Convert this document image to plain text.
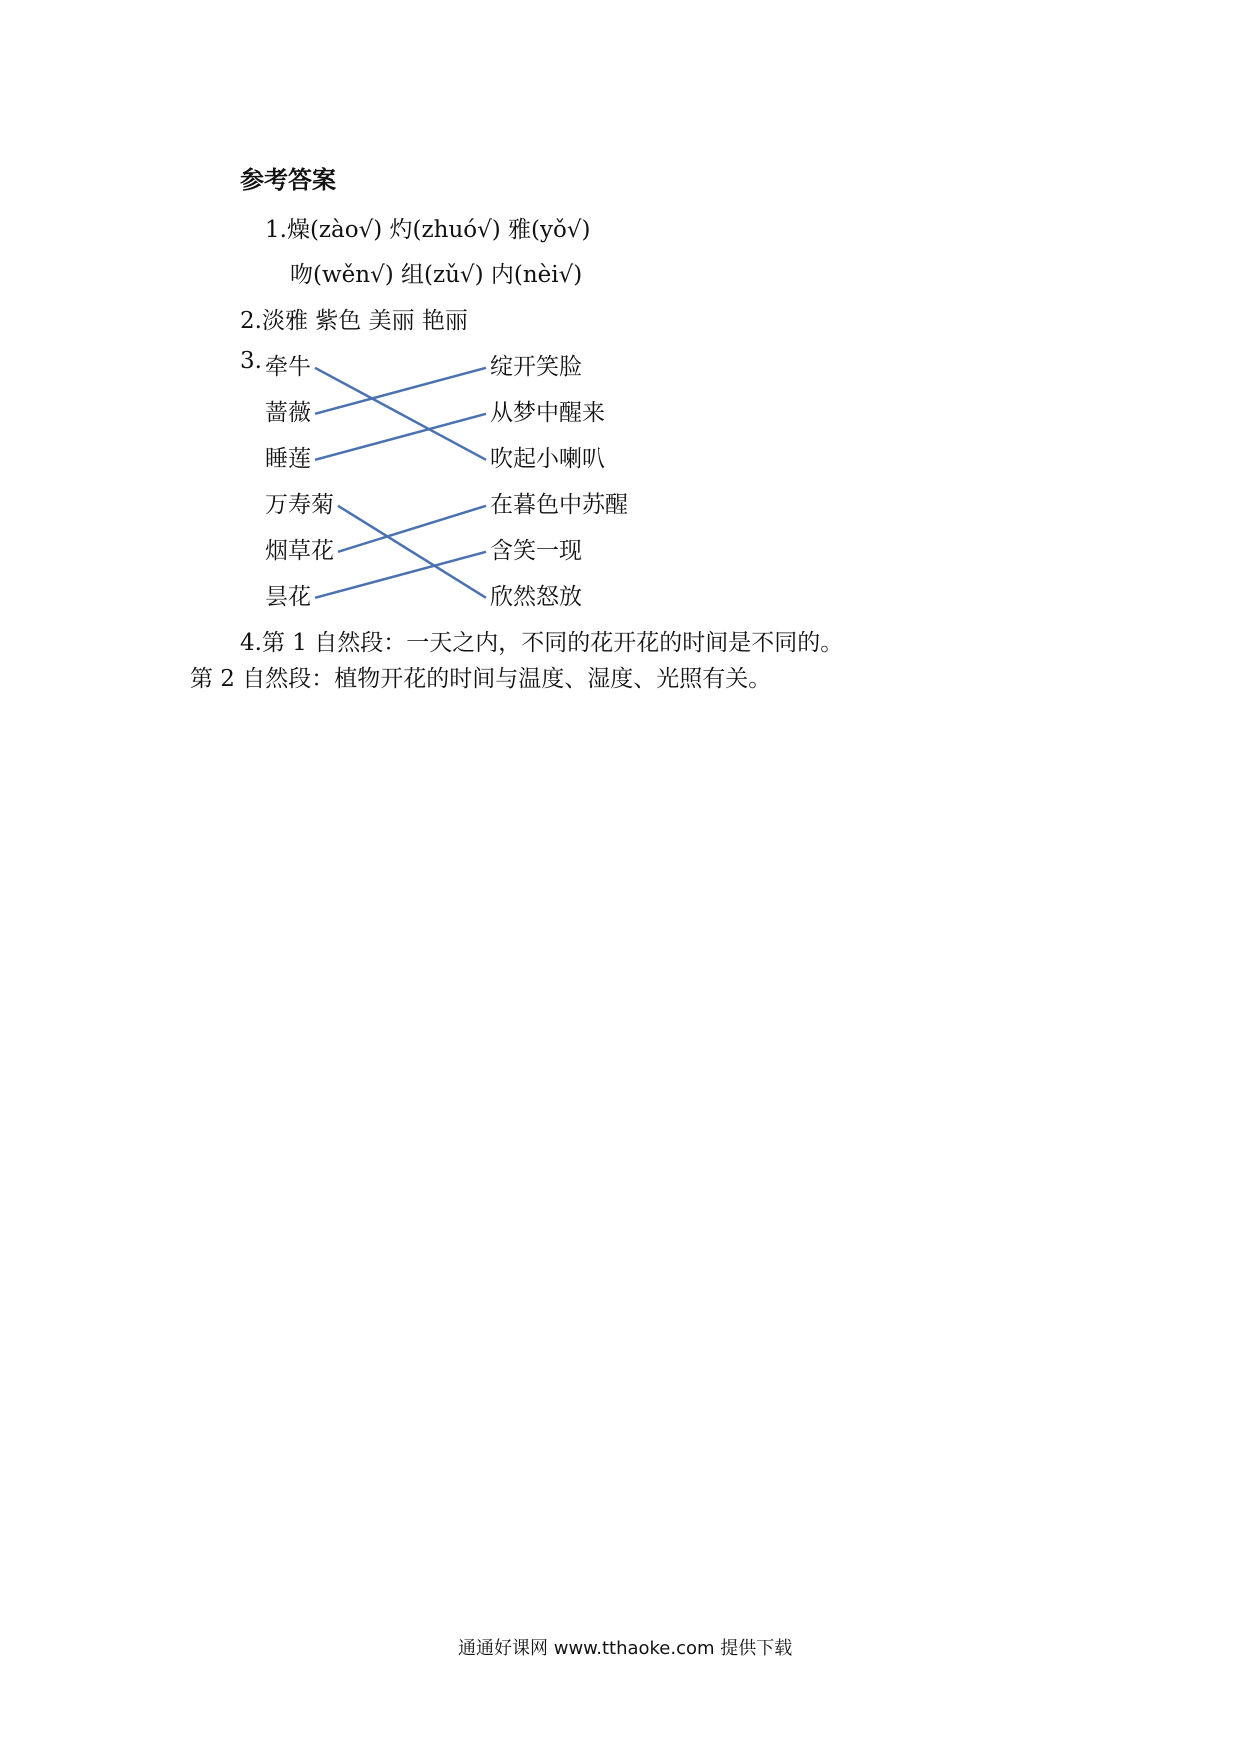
参考答案
1.燥(zào√) 灼(zhuó√) 雅(yǒ√)
吻(wěn√) 组(zǔ√) 内(nèi√)
2.淡雅 紫色 美丽 艳丽
3. 牵牛
蔷薇
睡莲
万寿菊
烟草花
昙花
绽开笑脸
从梦中醒来
吹起小喇叭
在暮色中苏醒
含笑一现
欣然怒放
4.第 1 自然段：一天之内，不同的花开花的时间是不同的。
第 2 自然段：植物开花的时间与温度、湿度、光照有关。
通通好课网 www.tthaoke.com 提供下载
